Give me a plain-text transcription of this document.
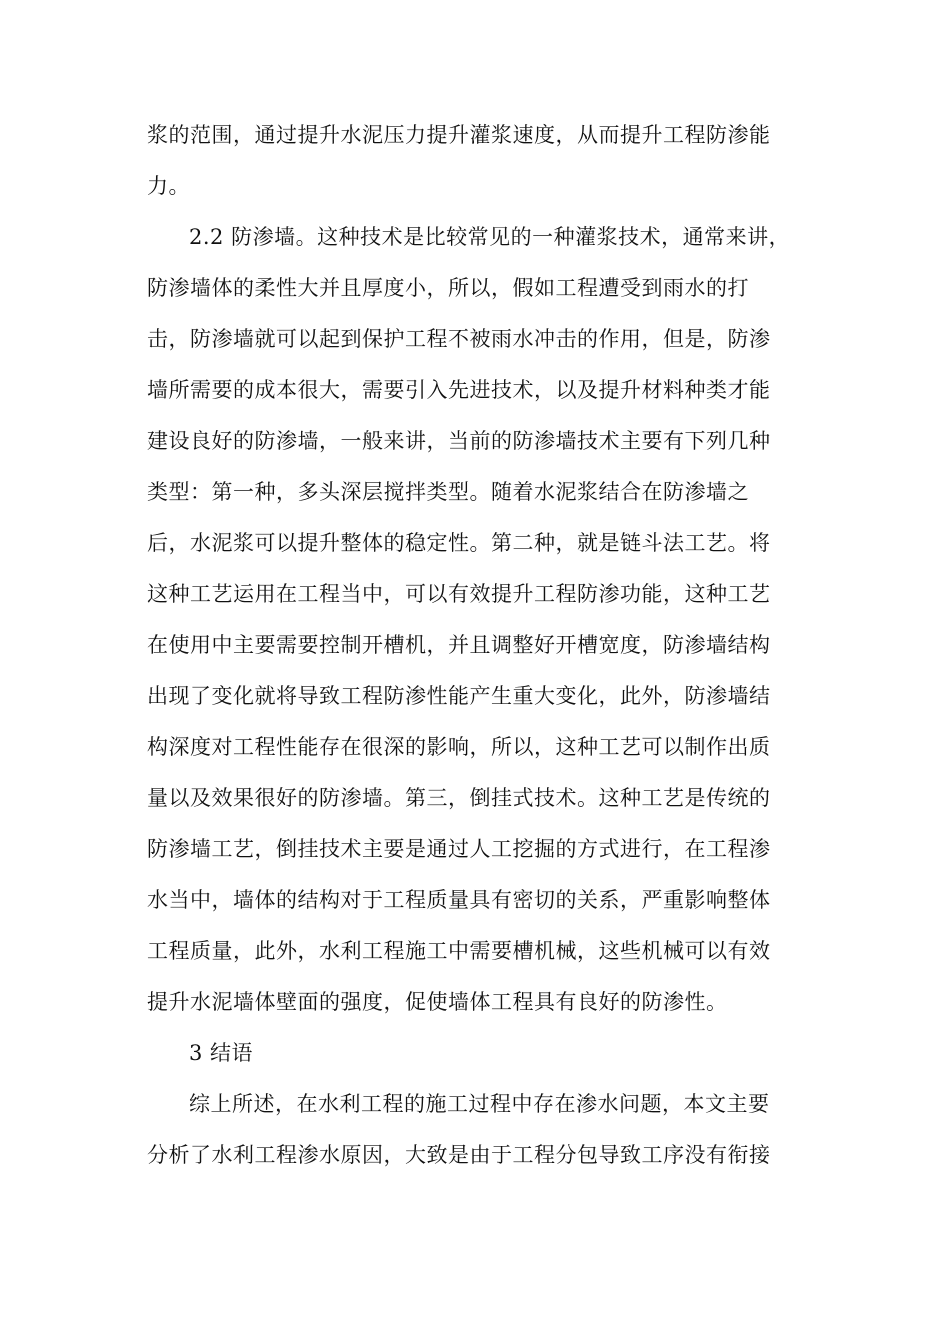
浆的范围，通过提升水泥压力提升灌浆速度，从而提升工程防渗能
力。
2.2 防渗墙。这种技术是比较常见的一种灌浆技术，通常来讲，
防渗墙体的柔性大并且厚度小，所以，假如工程遭受到雨水的打
击，防渗墙就可以起到保护工程不被雨水冲击的作用，但是，防渗
墙所需要的成本很大，需要引入先进技术，以及提升材料种类才能
建设良好的防渗墙，一般来讲，当前的防渗墙技术主要有下列几种
类型：第一种，多头深层搅拌类型。随着水泥浆结合在防渗墙之
后，水泥浆可以提升整体的稳定性。第二种，就是链斗法工艺。将
这种工艺运用在工程当中，可以有效提升工程防渗功能，这种工艺
在使用中主要需要控制开槽机，并且调整好开槽宽度，防渗墙结构
出现了变化就将导致工程防渗性能产生重大变化，此外，防渗墙结
构深度对工程性能存在很深的影响，所以，这种工艺可以制作出质
量以及效果很好的防渗墙。第三，倒挂式技术。这种工艺是传统的
防渗墙工艺，倒挂技术主要是通过人工挖掘的方式进行，在工程渗
水当中，墙体的结构对于工程质量具有密切的关系，严重影响整体
工程质量，此外，水利工程施工中需要槽机械，这些机械可以有效
提升水泥墙体壁面的强度，促使墙体工程具有良好的防渗性。
3 结语
综上所述，在水利工程的施工过程中存在渗水问题，本文主要
分析了水利工程渗水原因，大致是由于工程分包导致工序没有衔接
